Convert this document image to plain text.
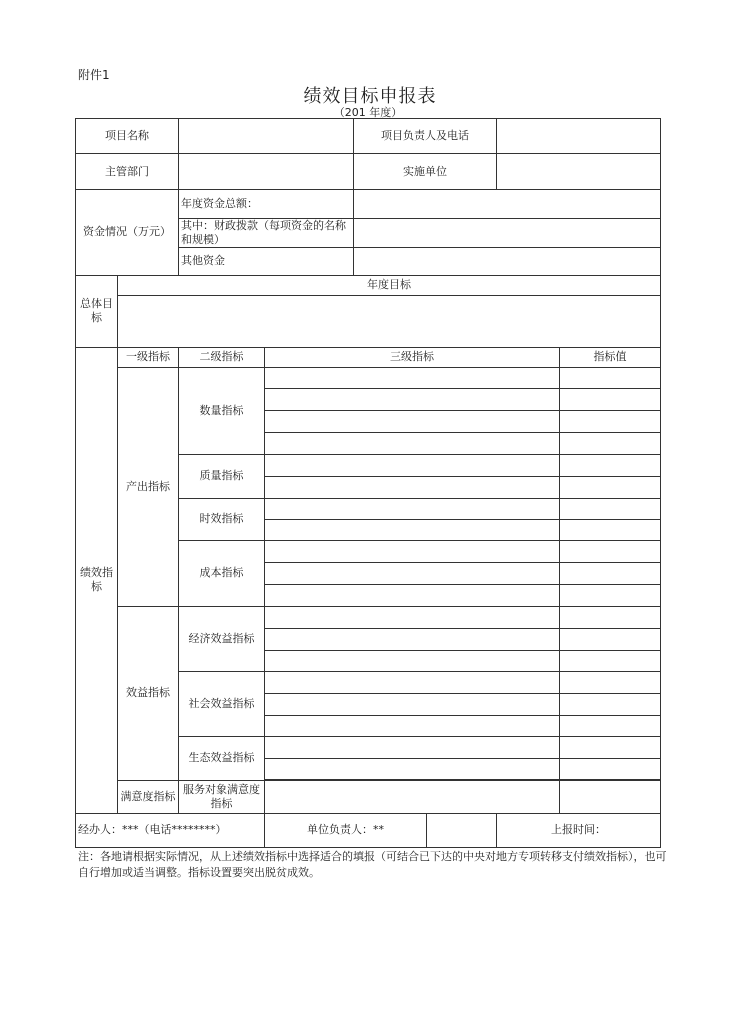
附件1
绩效目标申报表
（201 年度）
项目名称				项目负责人及电话			
主管部门				实施单位			
资金情况（万元）		年度资金总额：					
		其中：财政拨款（每项资金的名称和规模）					
		其他资金					
总体目标	年度目标						

绩效指标	一级指标	二级指标	三级指标				指标值
	产出指标	数量指标					

		质量指标					

		时效指标					

		成本指标					

	效益指标	经济效益指标					

		社会效益指标					

		生态效益指标					

	满意度指标	服务对象满意度指标					
经办人：***（电话********）			单位负责人：**			上报时间：	
注：各地请根据实际情况，从上述绩效指标中选择适合的填报（可结合已下达的中央对地方专项转移支付绩效指标），也可自行增加或适当调整。指标设置要突出脱贫成效。
